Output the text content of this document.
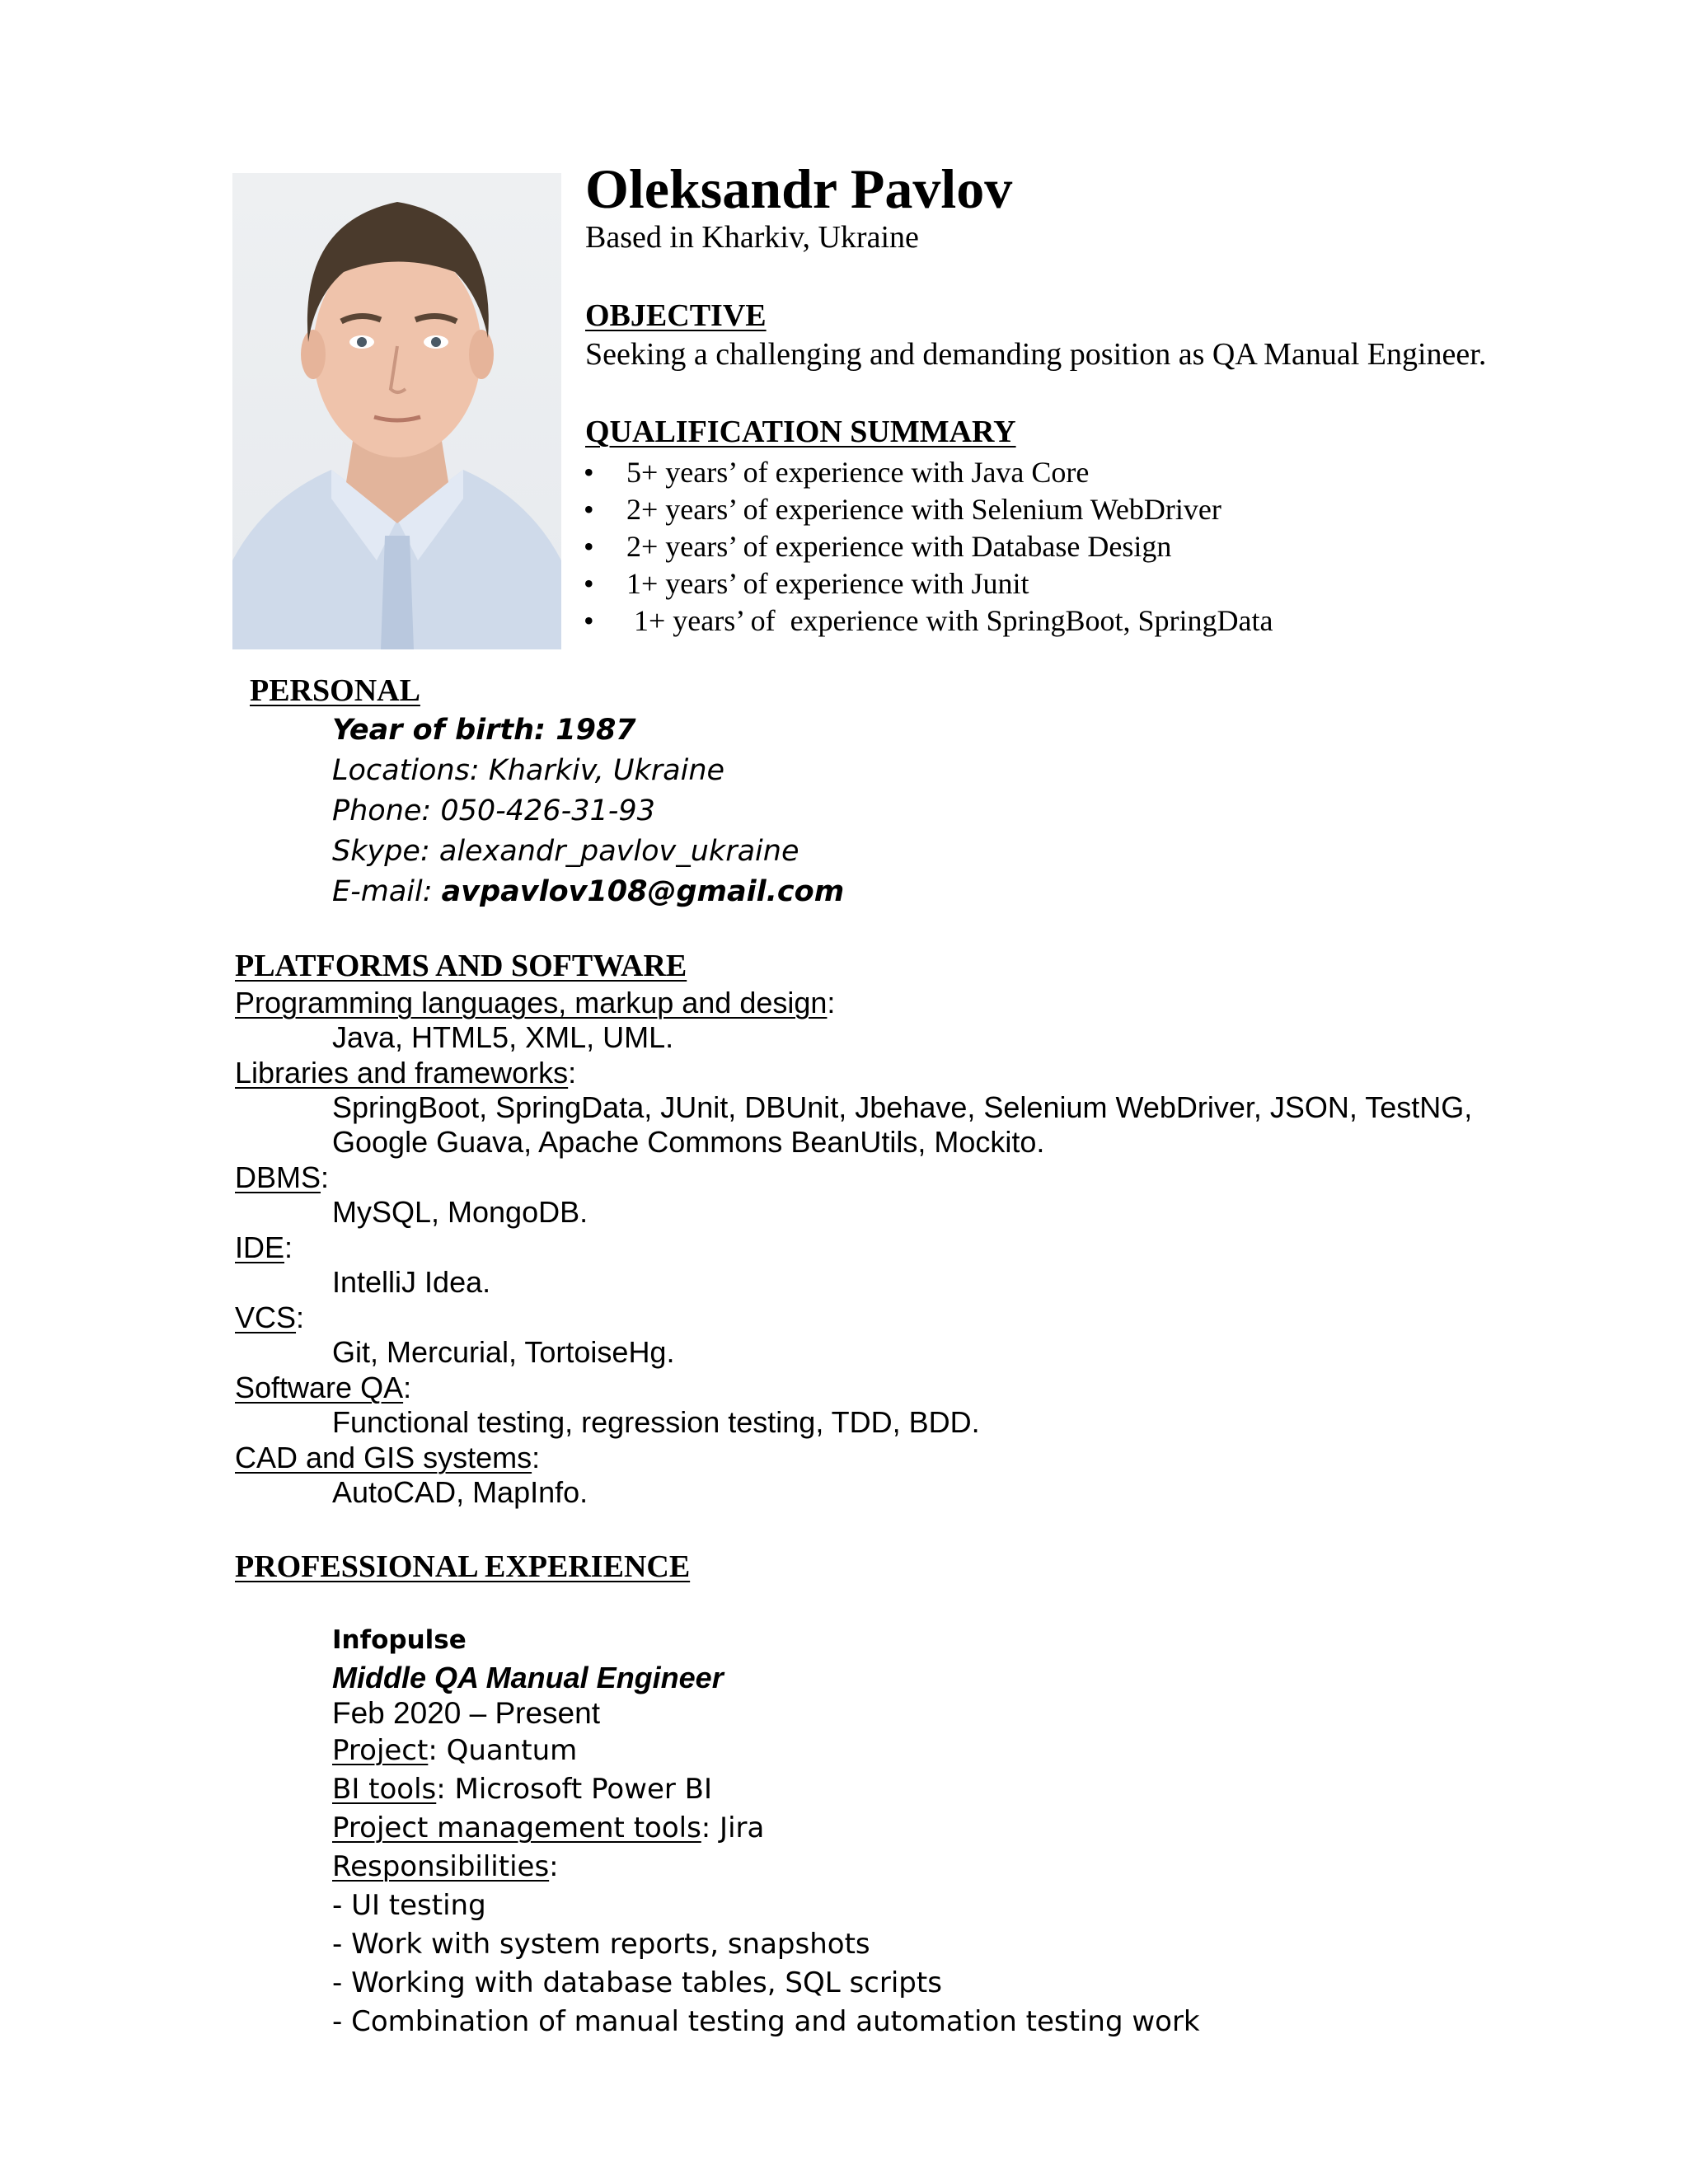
Oleksandr Pavlov
Based in Kharkiv, Ukraine
OBJECTIVE
Seeking a challenging and demanding position as QA Manual Engineer.
QUALIFICATION SUMMARY
• 5+ years’ of experience with Java Core
• 2+ years’ of experience with Selenium WebDriver
• 2+ years’ of experience with Database Design
• 1+ years’ of experience with Junit
• 1+ years’ of  experience with SpringBoot, SpringData
PERSONAL
Year of birth: 1987
Locations: Kharkiv, Ukraine
Phone: 050-426-31-93
Skype: alexandr_pavlov_ukraine
E-mail: avpavlov108@gmail.com
PLATFORMS AND SOFTWARE
Programming languages, markup and design:
Java, HTML5, XML, UML.
Libraries and frameworks:
SpringBoot, SpringData, JUnit, DBUnit, Jbehave, Selenium WebDriver, JSON, TestNG,
Google Guava, Apache Commons BeanUtils, Mockito.
DBMS:
MySQL, MongoDB.
IDE:
IntelliJ Idea.
VCS:
Git, Mercurial, TortoiseHg.
Software QA:
Functional testing, regression testing, TDD, BDD.
CAD and GIS systems:
AutoCAD, MapInfo.
PROFESSIONAL EXPERIENCE
Infopulse
Middle QA Manual Engineer
Feb 2020 – Present
Project: Quantum
BI tools: Microsoft Power BI
Project management tools: Jira
Responsibilities:
- UI testing
- Work with system reports, snapshots
- Working with database tables, SQL scripts
- Combination of manual testing and automation testing work
